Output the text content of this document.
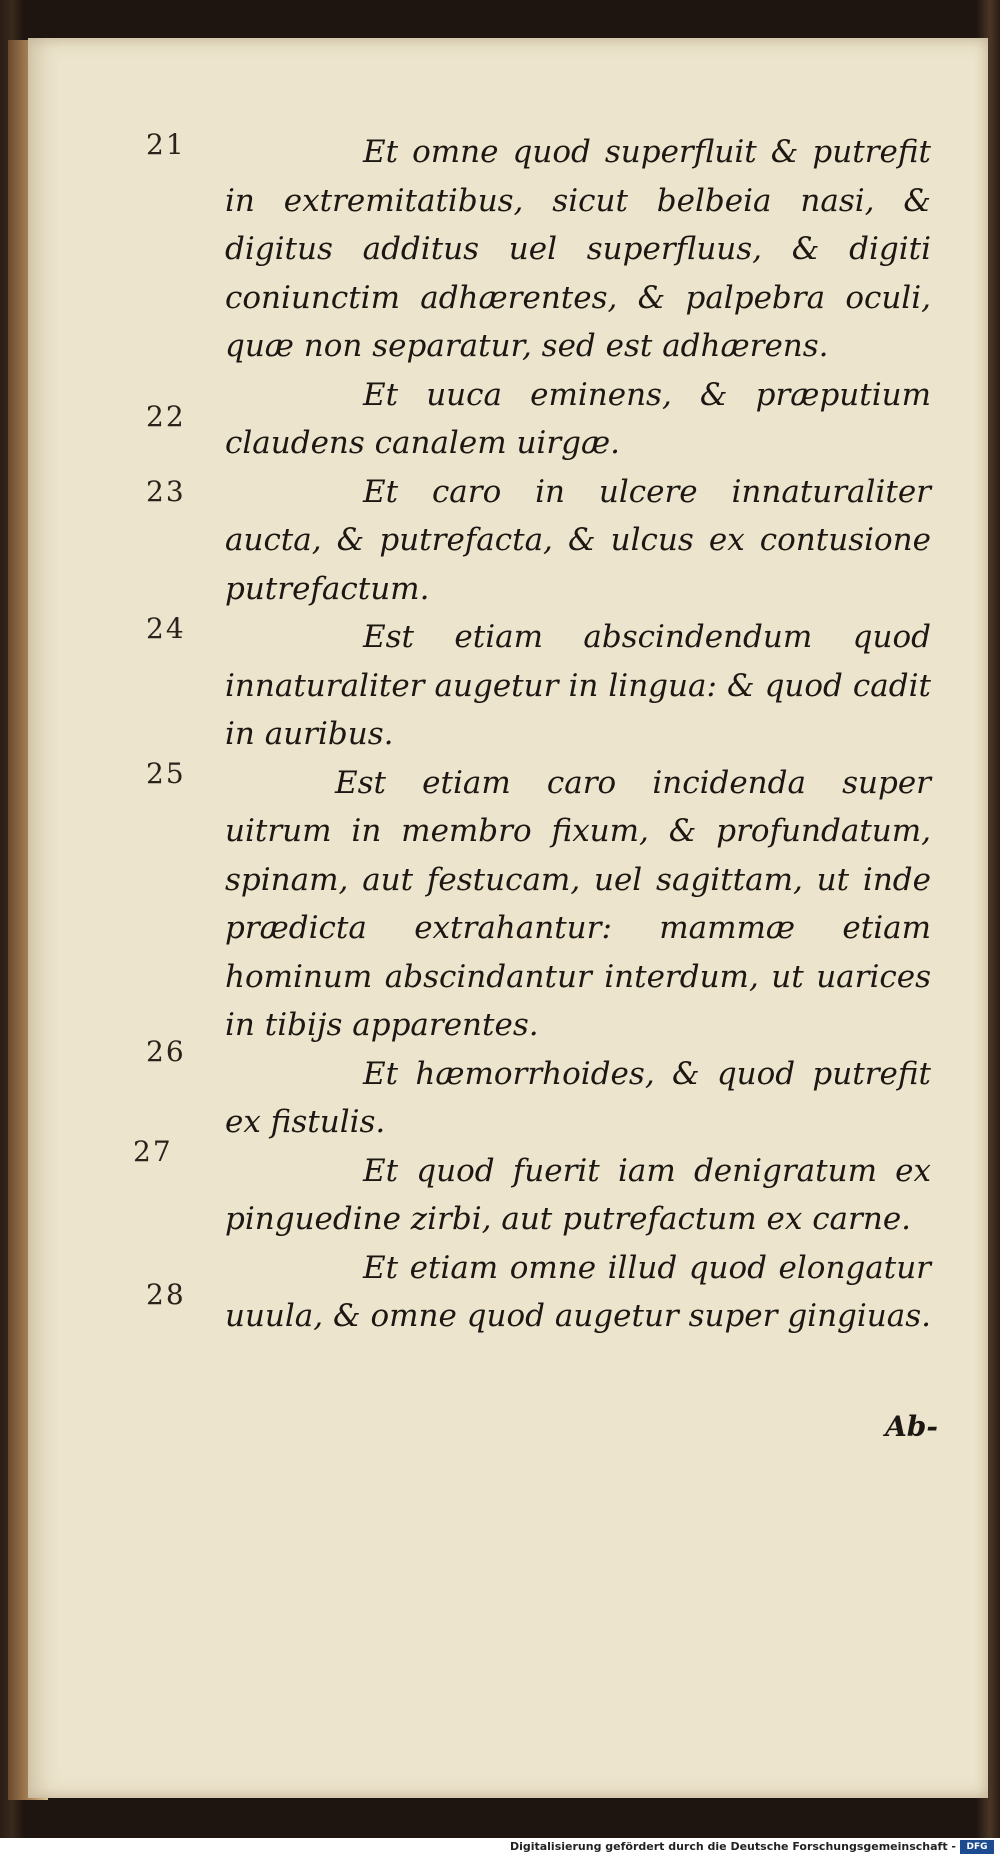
21
22
23
24
25
26
27
28

Et omne quod superfluit & putrefit in extremitatibus, sicut belbeia nasi, & digitus additus uel superfluus, & digiti coniunctim adhærentes, & palpebra oculi, quæ non separatur, sed est adhærens.

Et uuca eminens, & præputium claudens canalem uirgæ.

Et caro in ulcere innaturaliter aucta, & putrefacta, & ulcus ex contusione putrefactum.

Est etiam abscindendum quod innaturaliter augetur in lingua: & quod cadit in auribus.

Est etiam caro incidenda super uitrum in membro fixum, & profundatum, spinam, aut festucam, uel sagittam, ut inde prædicta extrahantur: mammæ etiam hominum abscindantur interdum, ut uarices in tibijs apparentes.

Et hæmorrhoides, & quod putrefit ex fistulis.

Et quod fuerit iam denigratum ex pinguedine zirbi, aut putrefactum ex carne.

Et etiam omne illud quod elongatur uuula, & omne quod augetur super gingiuas.

Ab-
Digitalisierung gefördert durch die Deutsche Forschungsgemeinschaft -	DFG
